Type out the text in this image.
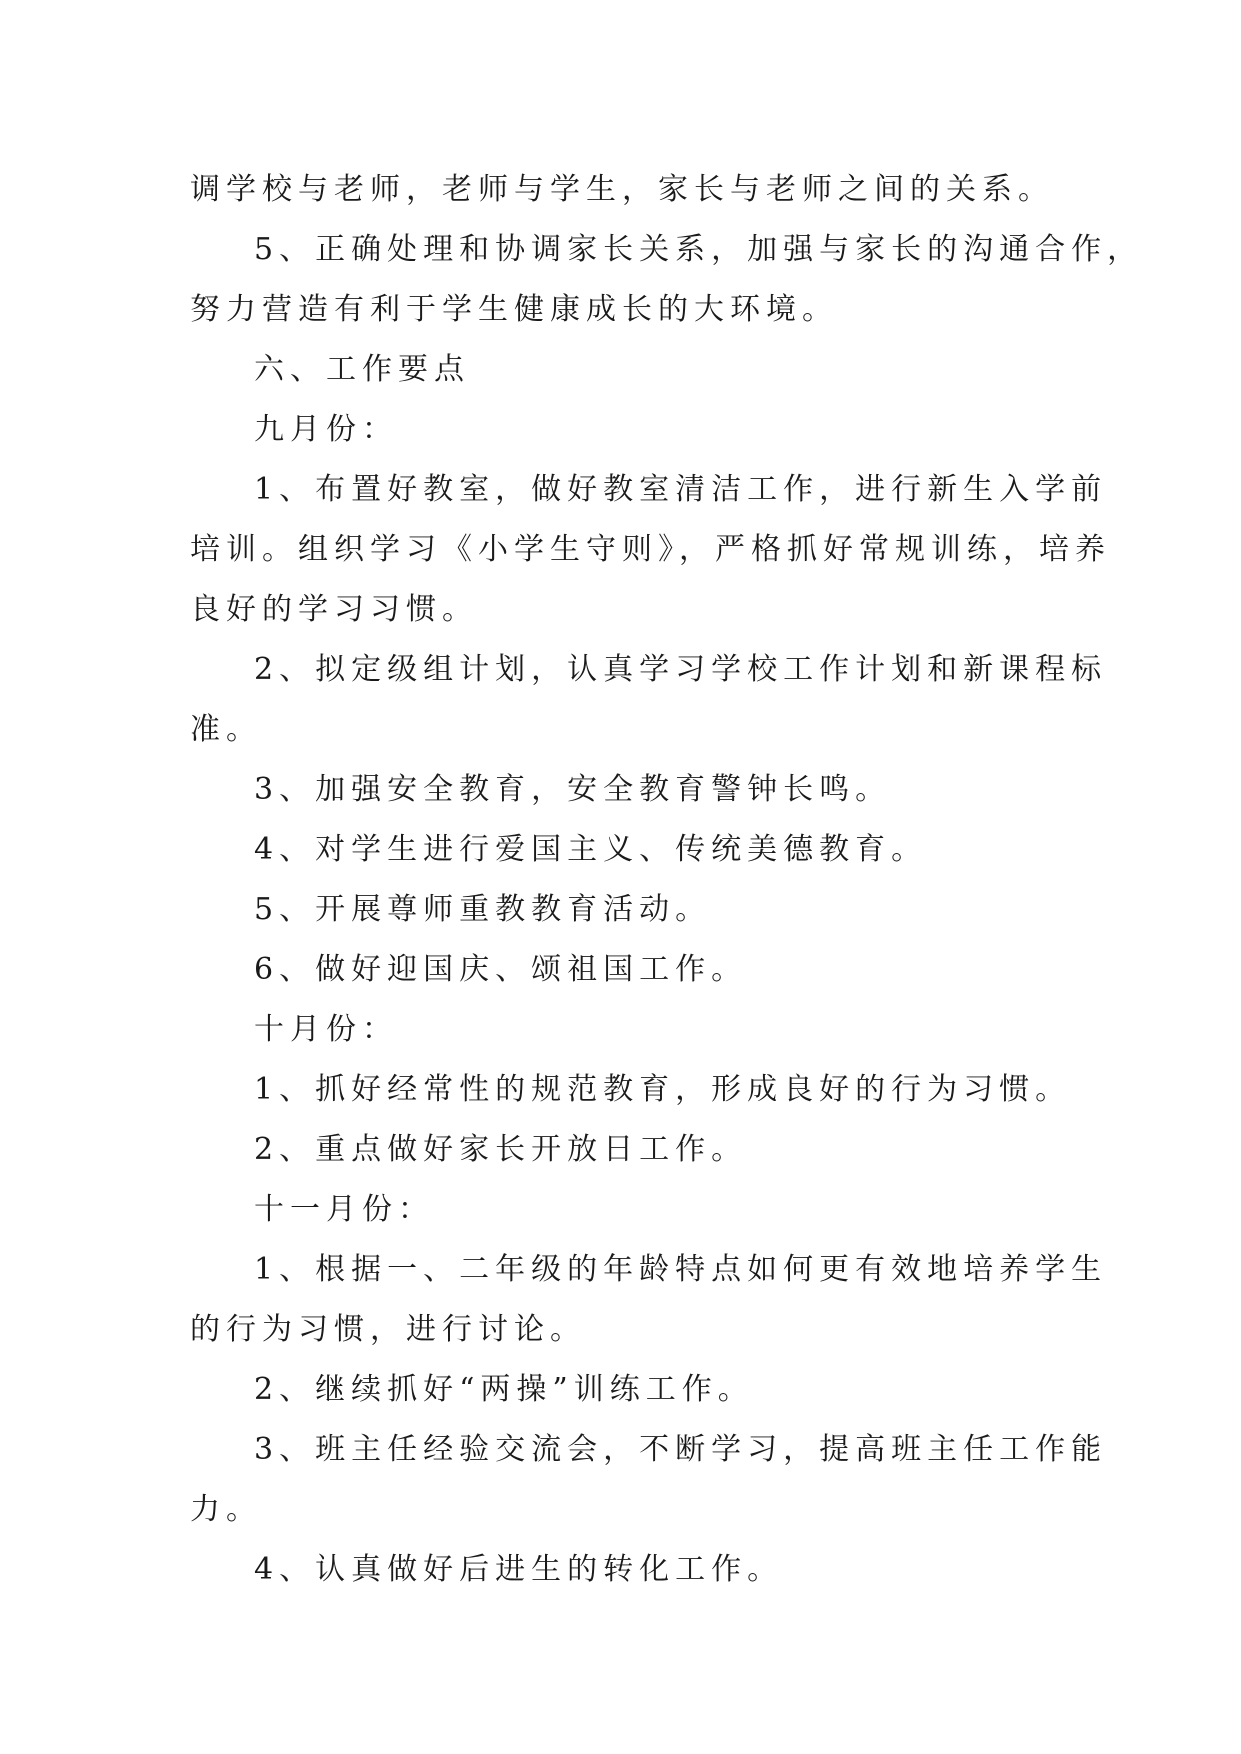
调学校与老师，老师与学生，家长与老师之间的关系。
5、正确处理和协调家长关系，加强与家长的沟通合作，
努力营造有利于学生健康成长的大环境。
六、工作要点
九月份：
1、布置好教室，做好教室清洁工作，进行新生入学前
培训。组织学习《小学生守则》，严格抓好常规训练，培养
良好的学习习惯。
2、拟定级组计划，认真学习学校工作计划和新课程标
准。
3、加强安全教育，安全教育警钟长鸣。
4、对学生进行爱国主义、传统美德教育。
5、开展尊师重教教育活动。
6、做好迎国庆、颂祖国工作。
十月份：
1、抓好经常性的规范教育，形成良好的行为习惯。
2、重点做好家长开放日工作。
十一月份：
1、根据一、二年级的年龄特点如何更有效地培养学生
的行为习惯，进行讨论。
2、继续抓好“两操”训练工作。
3、班主任经验交流会，不断学习，提高班主任工作能
力。
4、认真做好后进生的转化工作。
